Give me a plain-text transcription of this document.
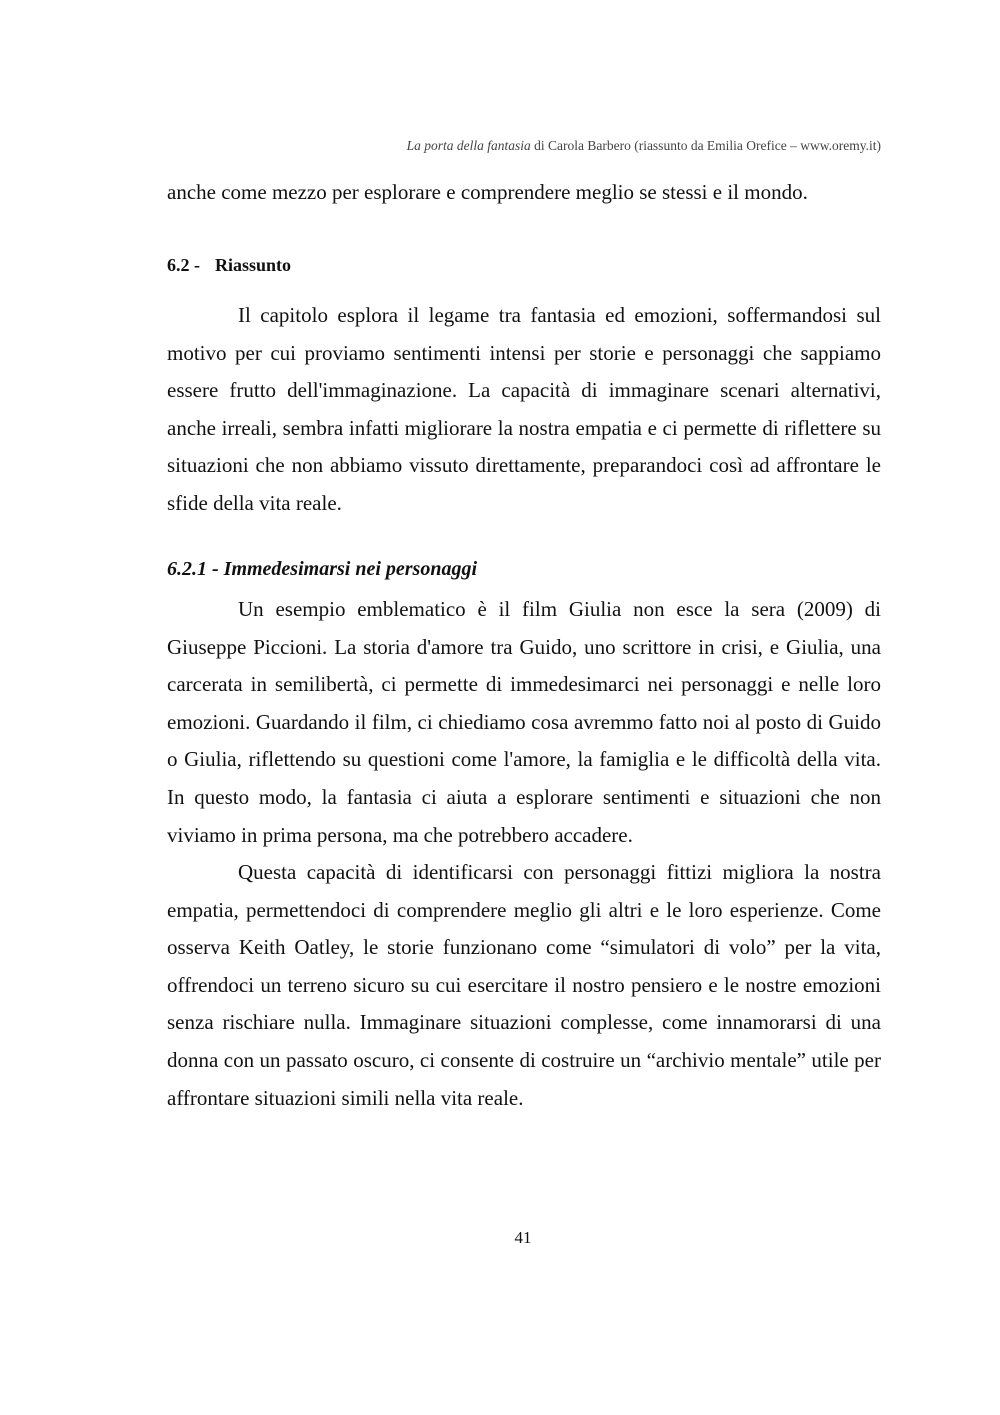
La porta della fantasia di Carola Barbero (riassunto da Emilia Orefice – www.oremy.it)

anche come mezzo per esplorare e comprendere meglio se stessi e il mondo.

6.2 - Riassunto

Il capitolo esplora il legame tra fantasia ed emozioni, soffermandosi sul motivo per cui proviamo sentimenti intensi per storie e personaggi che sappiamo essere frutto dell'immaginazione. La capacità di immaginare scenari alternativi, anche irreali, sembra infatti migliorare la nostra empatia e ci permette di riflettere su situazioni che non abbiamo vissuto direttamente, preparandoci così ad affrontare le sfide della vita reale.

6.2.1 - Immedesimarsi nei personaggi

Un esempio emblematico è il film Giulia non esce la sera (2009) di Giuseppe Piccioni. La storia d'amore tra Guido, uno scrittore in crisi, e Giulia, una carcerata in semilibertà, ci permette di immedesimarci nei personaggi e nelle loro emozioni. Guardando il film, ci chiediamo cosa avremmo fatto noi al posto di Guido o Giulia, riflettendo su questioni come l'amore, la famiglia e le difficoltà della vita. In questo modo, la fantasia ci aiuta a esplorare sentimenti e situazioni che non viviamo in prima persona, ma che potrebbero accadere.

Questa capacità di identificarsi con personaggi fittizi migliora la nostra empatia, permettendoci di comprendere meglio gli altri e le loro esperienze. Come osserva Keith Oatley, le storie funzionano come “simulatori di volo” per la vita, offrendoci un terreno sicuro su cui esercitare il nostro pensiero e le nostre emozioni senza rischiare nulla. Immaginare situazioni complesse, come innamorarsi di una donna con un passato oscuro, ci consente di costruire un “archivio mentale” utile per affrontare situazioni simili nella vita reale.

41
